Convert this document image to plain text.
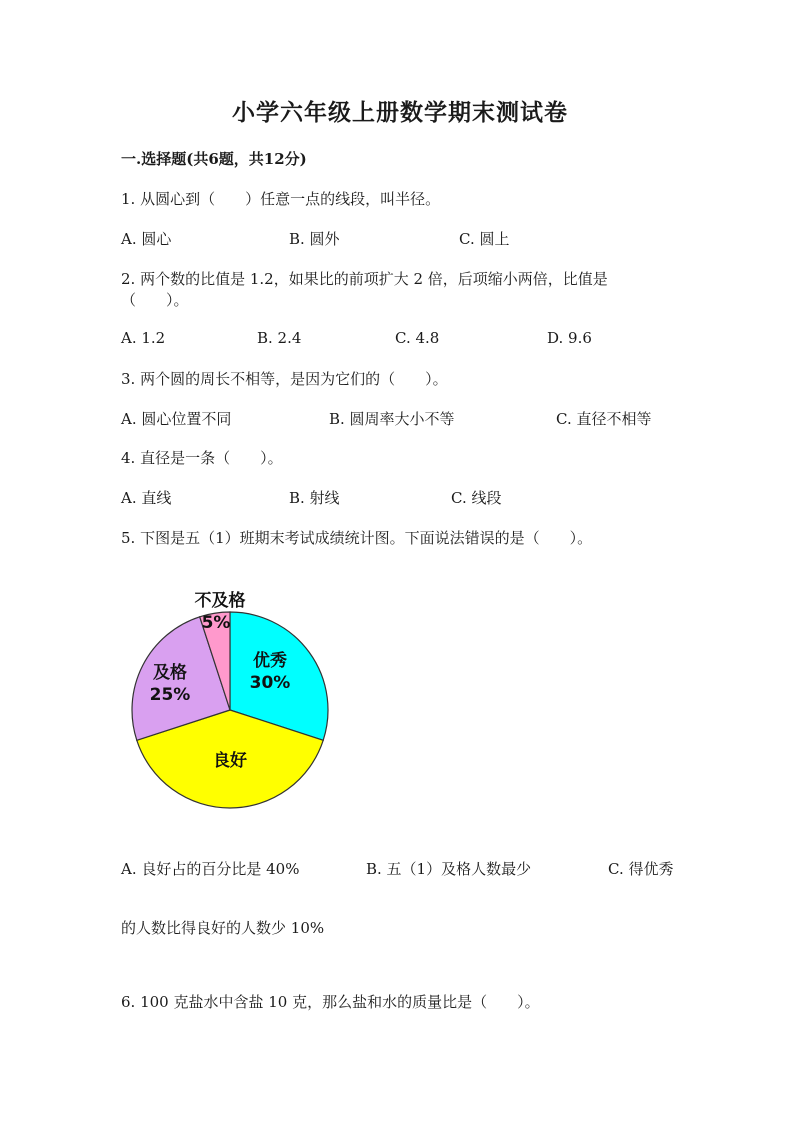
小学六年级上册数学期末测试卷
一.选择题(共6题，共12分)
1. 从圆心到（　　）任意一点的线段，叫半径。
A. 圆心	B. 圆外	C. 圆上
2. 两个数的比值是 1.2，如果比的前项扩大 2 倍，后项缩小两倍，比值是
（　　）。
A. 1.2	B. 2.4	C. 4.8	D. 9.6
3. 两个圆的周长不相等，是因为它们的（　　）。
A. 圆心位置不同	B. 圆周率大小不等	C. 直径不相等
4. 直径是一条（　　）。
A. 直线	B. 射线	C. 线段
5. 下图是五（1）班期末考试成绩统计图。下面说法错误的是（　　）。
优秀
30%
良好
及格
25%
不及格
5%
A. 良好占的百分比是 40%	B. 五（1）及格人数最少	C. 得优秀
的人数比得良好的人数少 10%
6. 100 克盐水中含盐 10 克，那么盐和水的质量比是（　　）。
